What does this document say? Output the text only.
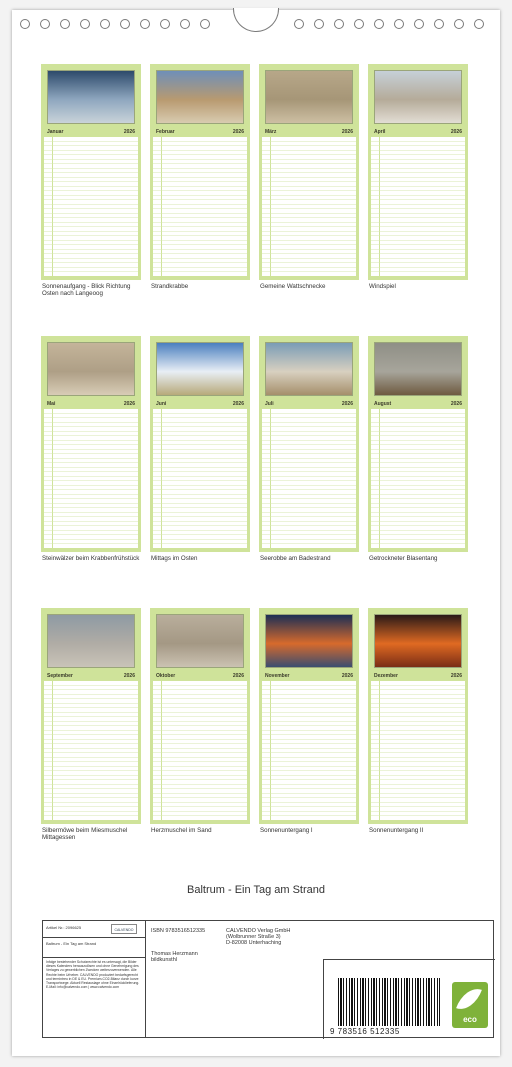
Januar	2026
Sonnenaufgang - Blick Richtung Osten nach Langeoog
Februar	2026
Strandkrabbe
März	2026
Gemeine Wattschnecke
April	2026
Windspiel
Mai	2026
Steinwälzer beim Krabbenfrühstück
Juni	2026
Mittags im Osten
Juli	2026
Seerobbe am Badestrand
August	2026
Getrockneter Blasentang
September	2026
Silbermöwe beim Miesmuschel Mittagessen
Oktober	2026
Herzmuschel im Sand
November	2026
Sonnenuntergang I
Dezember	2026
Sonnenuntergang II
Baltrum - Ein Tag am Strand
Artikel Nr.: 2096625	CALVENDO
Baltrum - Ein Tag am Strand
Infolge bestehender Schutzrechte ist es untersagt, die Bilder dieses Kalenders herauszulösen und ohne Genehmigung des Verlages zu gewerblichen Zwecken weiterzuverwenden. Alle Rechte beim Urheber. CALVENDO produziert bedarfsgerecht und termintreu in DE & EU. Premium-CO2-Bilanz durch kurze Transportwege. Aktuell Restauslage ohne Einzelrücklieferung. E-Mail: info@calvendo.com | www.calvendo.com
ISBN 9783516512335
Thomas Herzmann
bildkunsthl
CALVENDO Verlag GmbH
(Wolbrunner Straße 3)
D-82008 Unterhaching
9 783516 512335
eco
